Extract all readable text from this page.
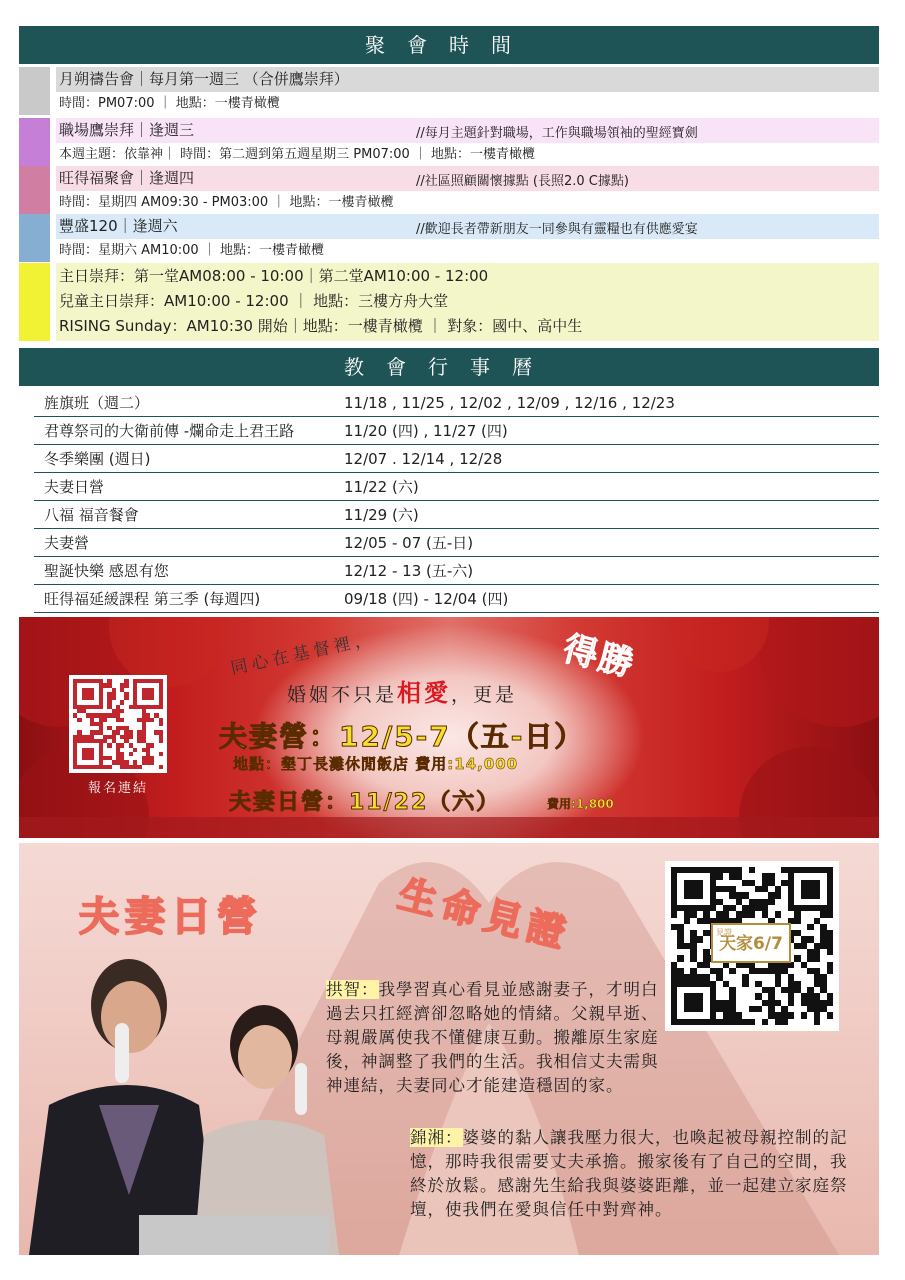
聚會時間
月朔禱告會｜每月第一週三 （合併鷹崇拜）
時間：PM07:00 ｜ 地點：一樓青橄欖
職場鷹崇拜｜逢週三	//每月主題針對職場，工作與職場領袖的聖經寶劍
本週主題：依靠神｜ 時間：第二週到第五週星期三 PM07:00 ｜ 地點：一樓青橄欖
旺得福聚會｜逢週四	//社區照顧關懷據點 (長照2.0 C據點)
時間：星期四 AM09:30 - PM03:00 ｜ 地點：一樓青橄欖
豐盛120｜逢週六	//歡迎長者帶新朋友一同參與有靈糧也有供應愛宴
時間：星期六 AM10:00 ｜ 地點：一樓青橄欖
主日崇拜：第一堂AM08:00 - 10:00｜第二堂AM10:00 - 12:00
兒童主日崇拜：AM10:00 - 12:00 ｜ 地點：三樓方舟大堂
RISING Sunday：AM10:30 開始｜地點：一樓青橄欖 ｜ 對象：國中、高中生
教會行事曆
旌旗班（週二）	11/18 , 11/25 , 12/02 , 12/09 , 12/16 , 12/23
君尊祭司的大衛前傳 -爛命走上君王路	11/20 (四) , 11/27 (四)
冬季樂團 (週日)	12/07 . 12/14 , 12/28
夫妻日營	11/22 (六)
八福 福音餐會	11/29 (六)
夫妻營	12/05 - 07 (五-日)
聖誕快樂 感恩有您	12/12 - 13 (五-六)
旺得福延緩課程 第三季 (每週四)	09/18 (四) - 12/04 (四)
報名連結
同心在基督裡，
婚姻不只是相愛，更是
得勝
夫妻營：12/5-7（五-日）
地點：墾丁長灘休閒飯店 費用:14,000
夫妻日營：11/22（六）	費用:1,800
夫妻日營	生命見證	見證
天家6/7
拱智：我學習真心看見並感謝妻子，才明白過去只扛經濟卻忽略她的情緒。父親早逝、母親嚴厲使我不懂健康互動。搬離原生家庭後，神調整了我們的生活。我相信丈夫需與神連結，夫妻同心才能建造穩固的家。
錦湘：婆婆的黏人讓我壓力很大，也喚起被母親控制的記憶，那時我很需要丈夫承擔。搬家後有了自己的空間，我終於放鬆。感謝先生給我與婆婆距離，並一起建立家庭祭壇，使我們在愛與信任中對齊神。
